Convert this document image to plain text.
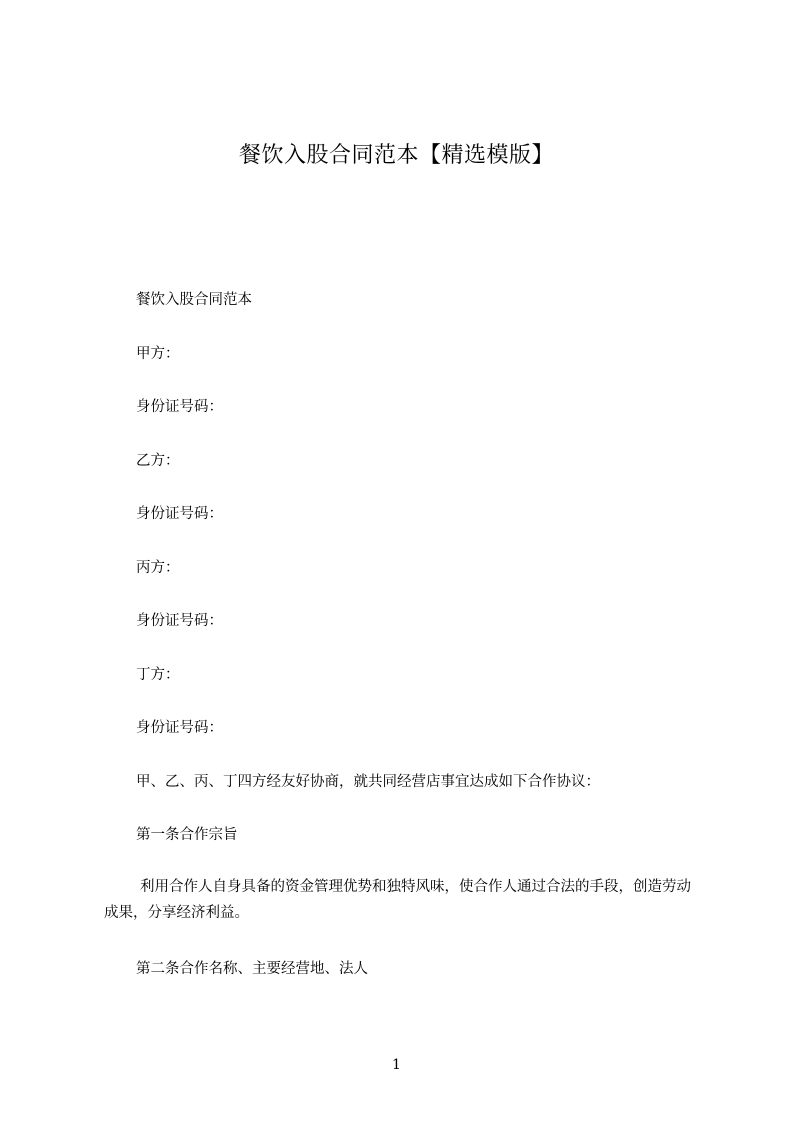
餐饮入股合同范本【精选模版】
餐饮入股合同范本
甲方：
身份证号码：
乙方：
身份证号码：
丙方：
身份证号码：
丁方：
身份证号码：
甲、乙、丙、丁四方经友好协商，就共同经营店事宜达成如下合作协议：
第一条合作宗旨
利用合作人自身具备的资金管理优势和独特风味，使合作人通过合法的手段，创造劳动成果，分享经济利益。
第二条合作名称、主要经营地、法人
1
